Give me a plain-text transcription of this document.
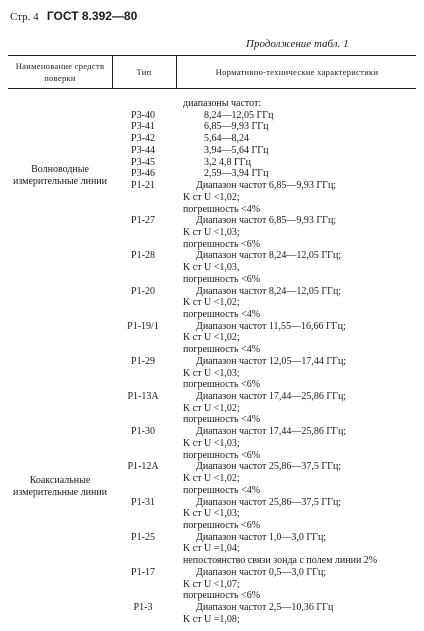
Стр. 4 ГОСТ 8.392—80
Продолжение табл. 1
Наименование средств поверки
Тип	Нормативно-технические характеристики
Волноводные измерительные линии
Коаксиальные измерительные линии
диапазоны частот:
Р3-40	8,24—12,05 ГГц
Р3-41	6,85—9,93 ГГц
Р3-42	5,64—8,24
Р3-44	3,94—5,64 ГГц
Р3-45	3,2 4,8 ГГц
Р3-46	2,59—3,94 ГГц
Р1-21	Диапазон частот 6,85—9,93 ГГц;
K ст U <1,02;
погрешность <4%
Р1-27	Диапазон частот 6,85—9,93 ГГц;
K ст U <1,03;
погрешность <6%
Р1-28	Диапазон частот 8,24—12,05 ГГц;
K ст U <1,03,
погрешность <6%
Р1-20	Диапазон частот 8,24—12,05 ГГц;
K ст U <1,02;
погрешность <4%
Р1-19/1	Диапазон частот 11,55—16,66 ГГц;
K ст U <1,02;
погрешность <4%
Р1-29	Диапазон частот 12,05—17,44 ГГц;
K ст U <1,03;
погрешность <6%
Р1-13А	Диапазон частот 17,44—25,86 ГГц;
K ст U <1,02;
погрешность <4%
Р1-30	Диапазон частот 17,44—25,86 ГГц;
K ст U <1,03;
погрешность <6%
Р1-12А	Диапазон частот 25,86—37,5 ГГц;
K ст U <1,02;
погрешность <4%
Р1-31	Диапазон частот 25,86—37,5 ГГц;
K ст U <1,03;
погрешность <6%
Р1-25	Диапазон частот 1,0—3,0 ГГц;
K ст U =1,04;
непостоянство связи зонда с полем линии 2%
Р1-17	Диапазон частот 0,5—3,0 ГГц;
K ст U <1,07;
погрешность <6%
Р1-3	Диапазон частот 2,5—10,36 ГГц
K ст U =1,08;
